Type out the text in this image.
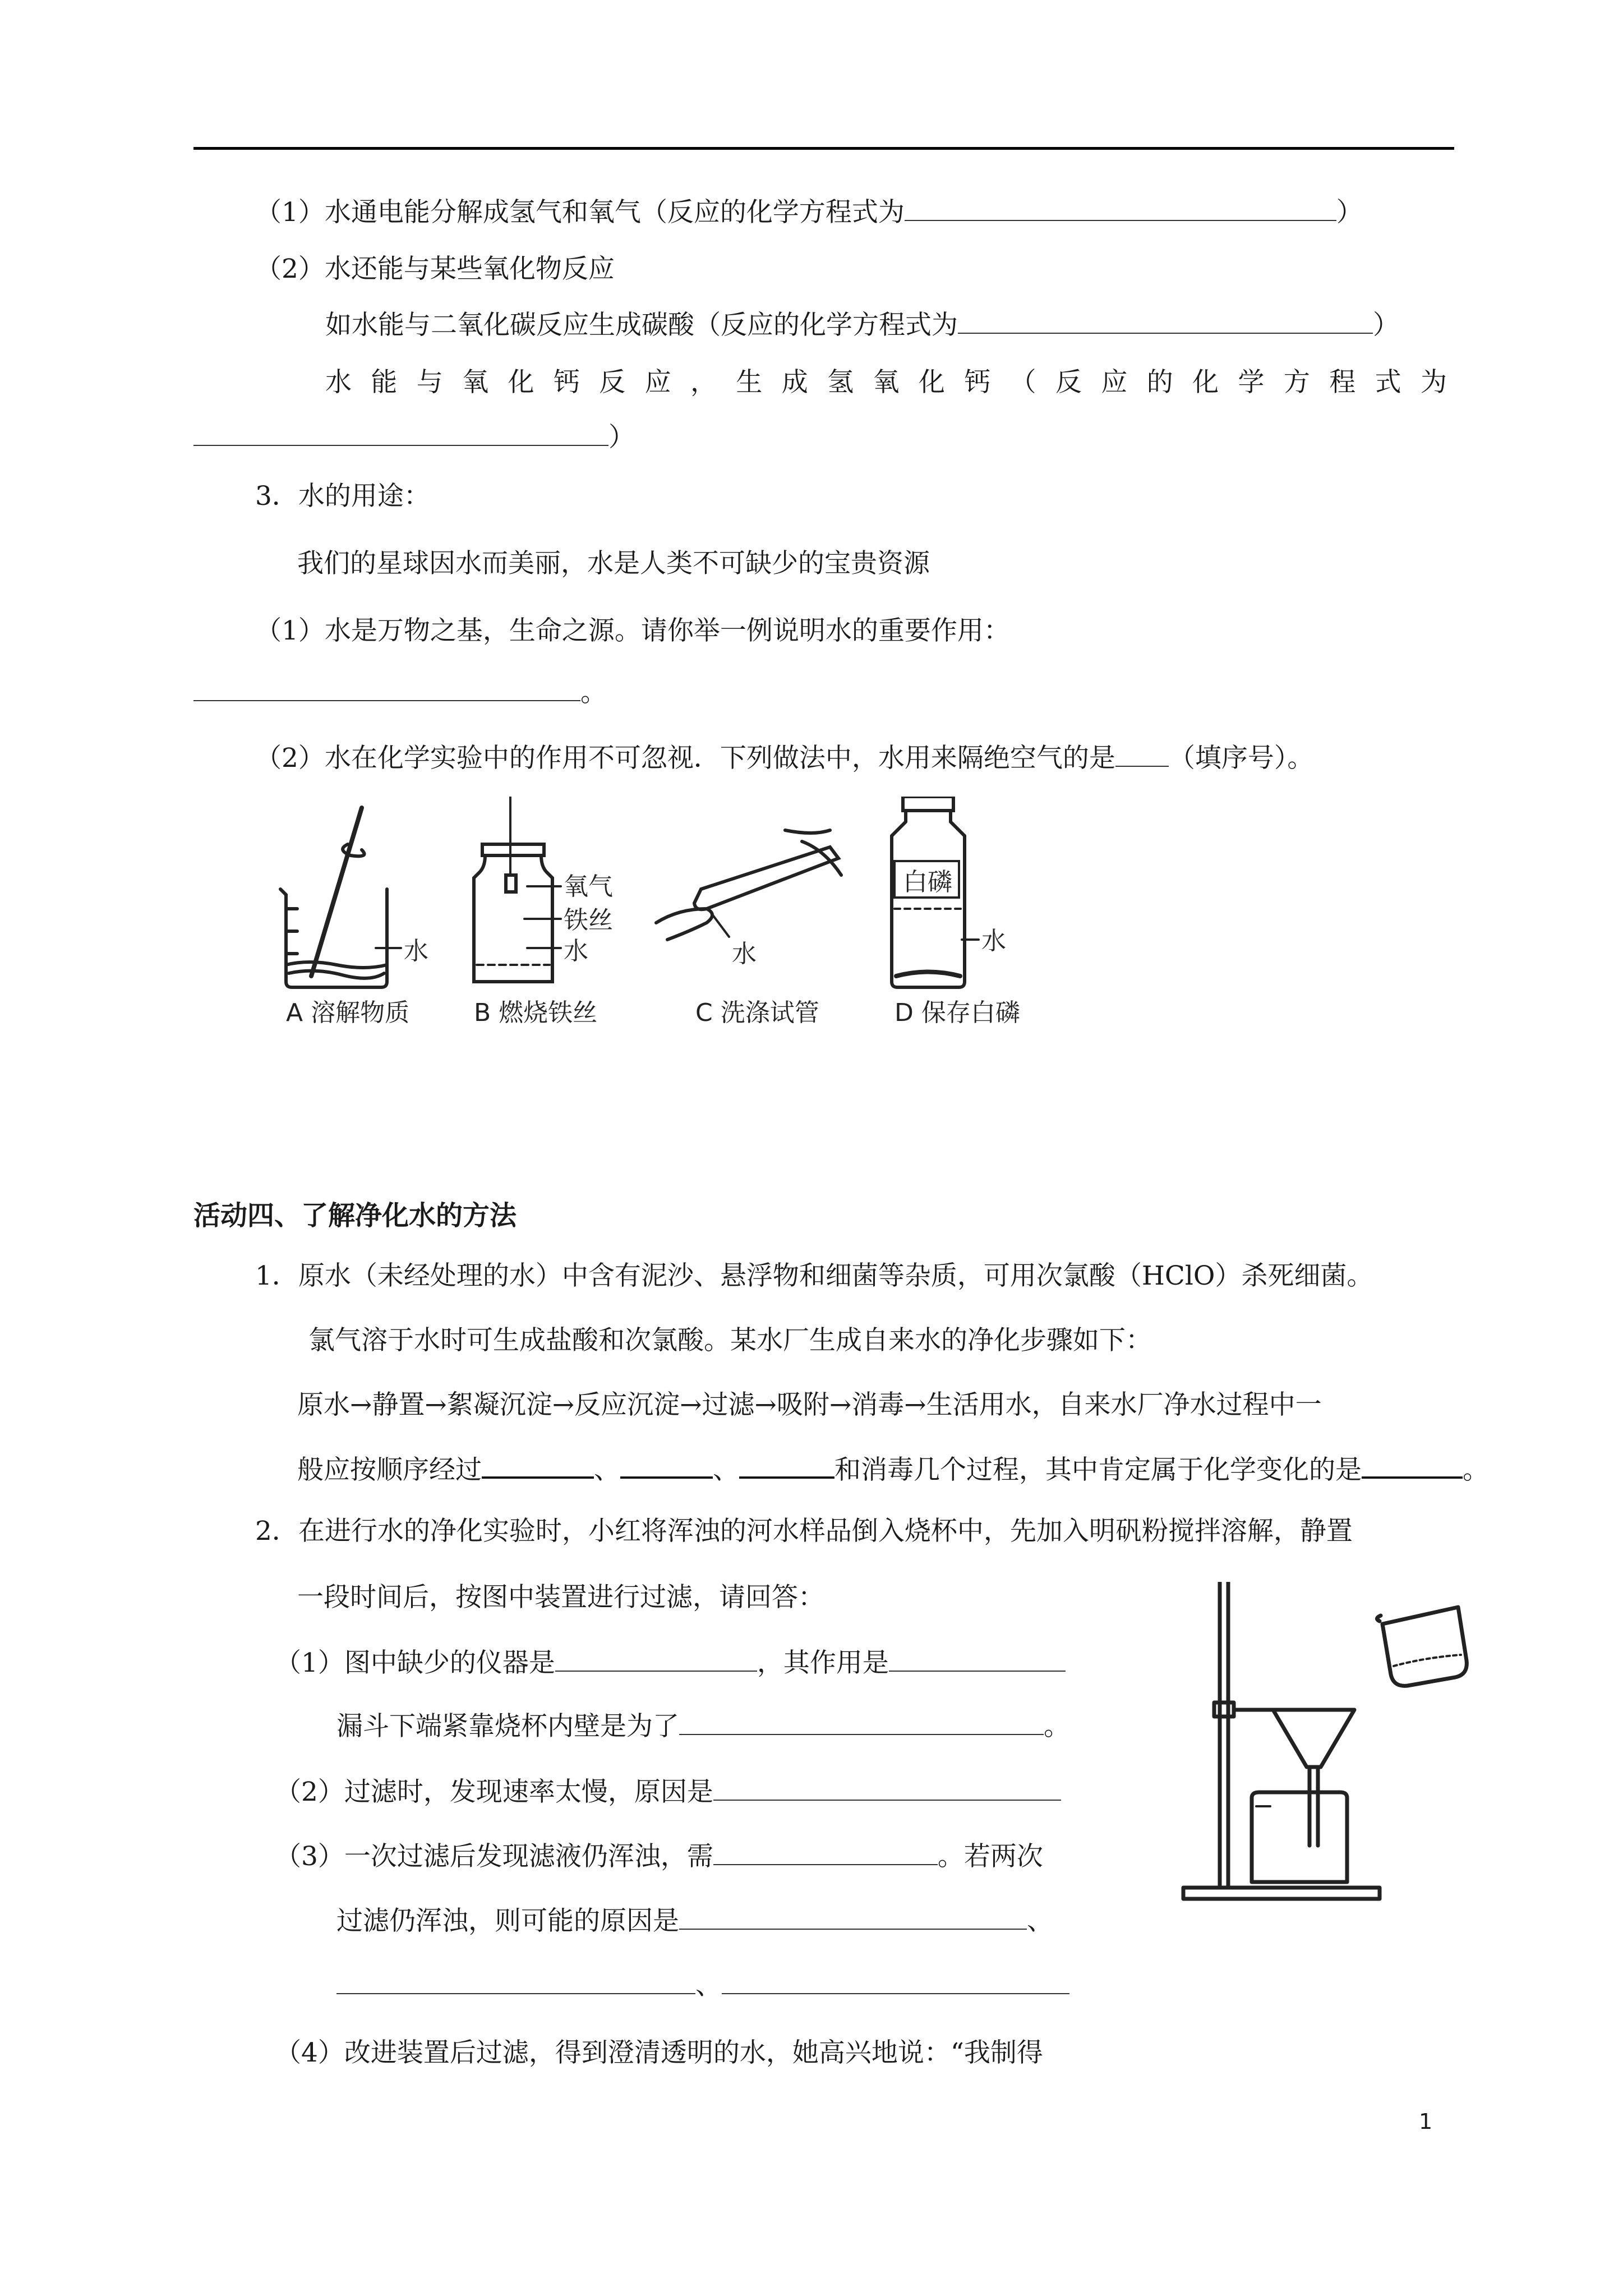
（1）水通电能分解成氢气和氧气（反应的化学方程式为	）
（2）水还能与某些氧化物反应
如水能与二氧化碳反应生成碳酸（反应的化学方程式为	）
水 能 与 氧 化 钙 反 应 ， 生 成 氢 氧 化 钙 （ 反 应 的 化 学 方 程 式 为
）
3．水的用途：
我们的星球因水而美丽，水是人类不可缺少的宝贵资源
（1）水是万物之基，生命之源。请你举一例说明水的重要作用：
。
（2）水在化学实验中的作用不可忽视．下列做法中，水用来隔绝空气的是 （填序号）。
水
氧气
铁丝
水	水
白磷
水
A 溶解物质	B 燃烧铁丝	C 洗涤试管	D 保存白磷
活动四、了解净化水的方法
1．原水（未经处理的水）中含有泥沙、悬浮物和细菌等杂质，可用次氯酸（HClO）杀死细菌。
氯气溶于水时可生成盐酸和次氯酸。某水厂生成自来水的净化步骤如下：
原水→静置→絮凝沉淀→反应沉淀→过滤→吸附→消毒→生活用水，自来水厂净水过程中一
般应按顺序经过	、	、	和消毒几个过程，其中肯定属于化学变化的是	。
2．在进行水的净化实验时，小红将浑浊的河水样品倒入烧杯中，先加入明矾粉搅拌溶解，静置
一段时间后，按图中装置进行过滤，请回答：
（1）图中缺少的仪器是	，其作用是
漏斗下端紧靠烧杯内壁是为了	。
（2）过滤时，发现速率太慢，原因是
（3）一次过滤后发现滤液仍浑浊，需	。若两次
过滤仍浑浊，则可能的原因是	、
、
（4）改进装置后过滤，得到澄清透明的水，她高兴地说：“我制得
1
